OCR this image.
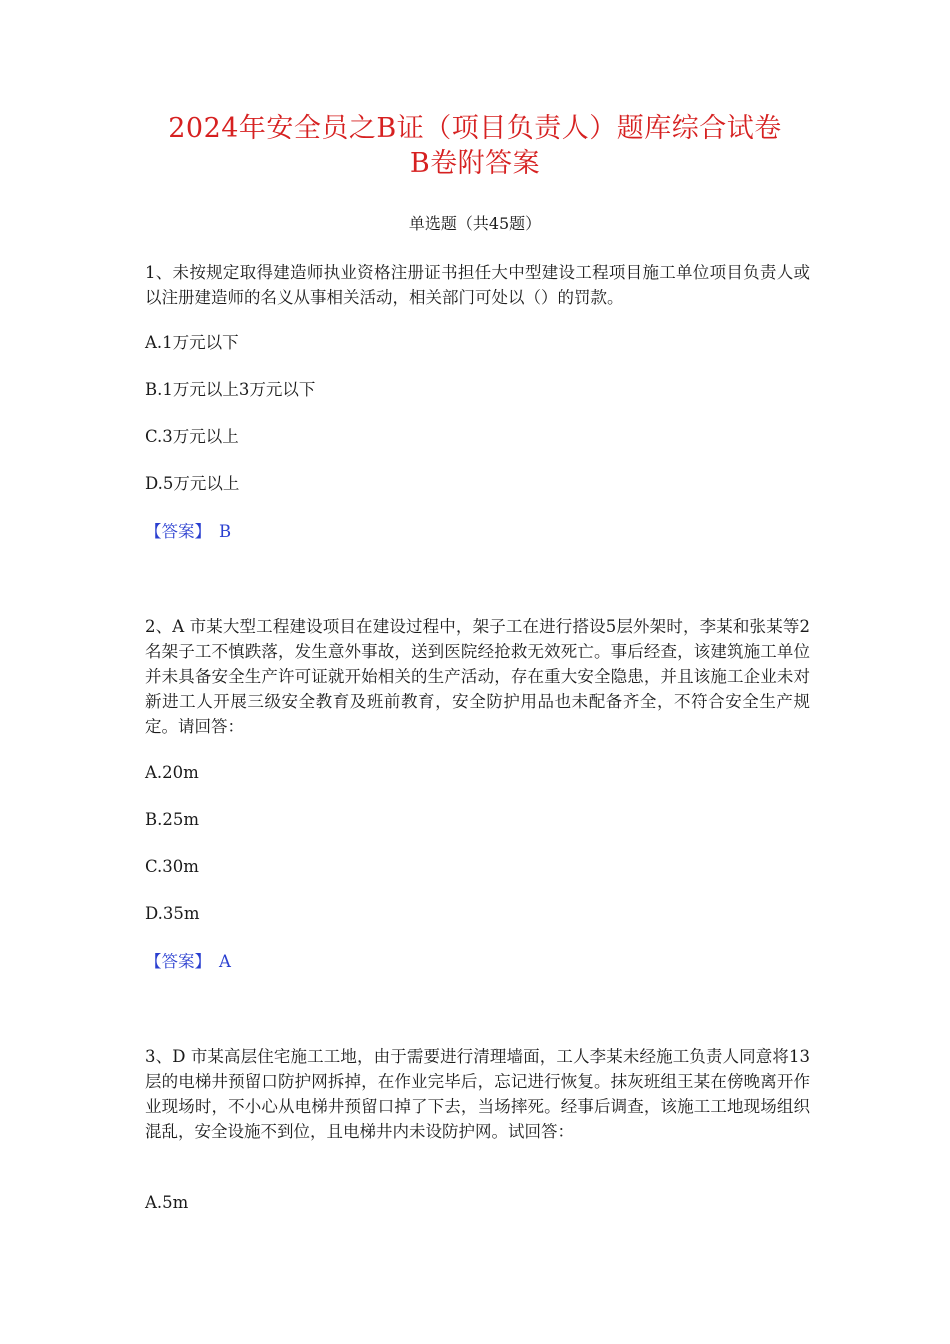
2024年安全员之B证（项目负责人）题库综合试卷
B卷附答案
单选题（共45题）
1、未按规定取得建造师执业资格注册证书担任大中型建设工程项目施工单位项目负责人或以注册建造师的名义从事相关活动，相关部门可处以（）的罚款。
A.1万元以下
B.1万元以上3万元以下
C.3万元以上
D.5万元以上
【答案】 B
2、A 市某大型工程建设项目在建设过程中，架子工在进行搭设5层外架时，李某和张某等2 名架子工不慎跌落，发生意外事故，送到医院经抢救无效死亡。事后经查，该建筑施工单位并未具备安全生产许可证就开始相关的生产活动，存在重大安全隐患，并且该施工企业未对新进工人开展三级安全教育及班前教育，安全防护用品也未配备齐全，不符合安全生产规定。请回答：
A.20m
B.25m
C.30m
D.35m
【答案】 A
3、D 市某高层住宅施工工地，由于需要进行清理墙面，工人李某未经施工负责人同意将13 层的电梯井预留口防护网拆掉，在作业完毕后，忘记进行恢复。抹灰班组王某在傍晚离开作业现场时，不小心从电梯井预留口掉了下去，当场摔死。经事后调查，该施工工地现场组织混乱，安全设施不到位，且电梯井内未设防护网。试回答：
A.5m
